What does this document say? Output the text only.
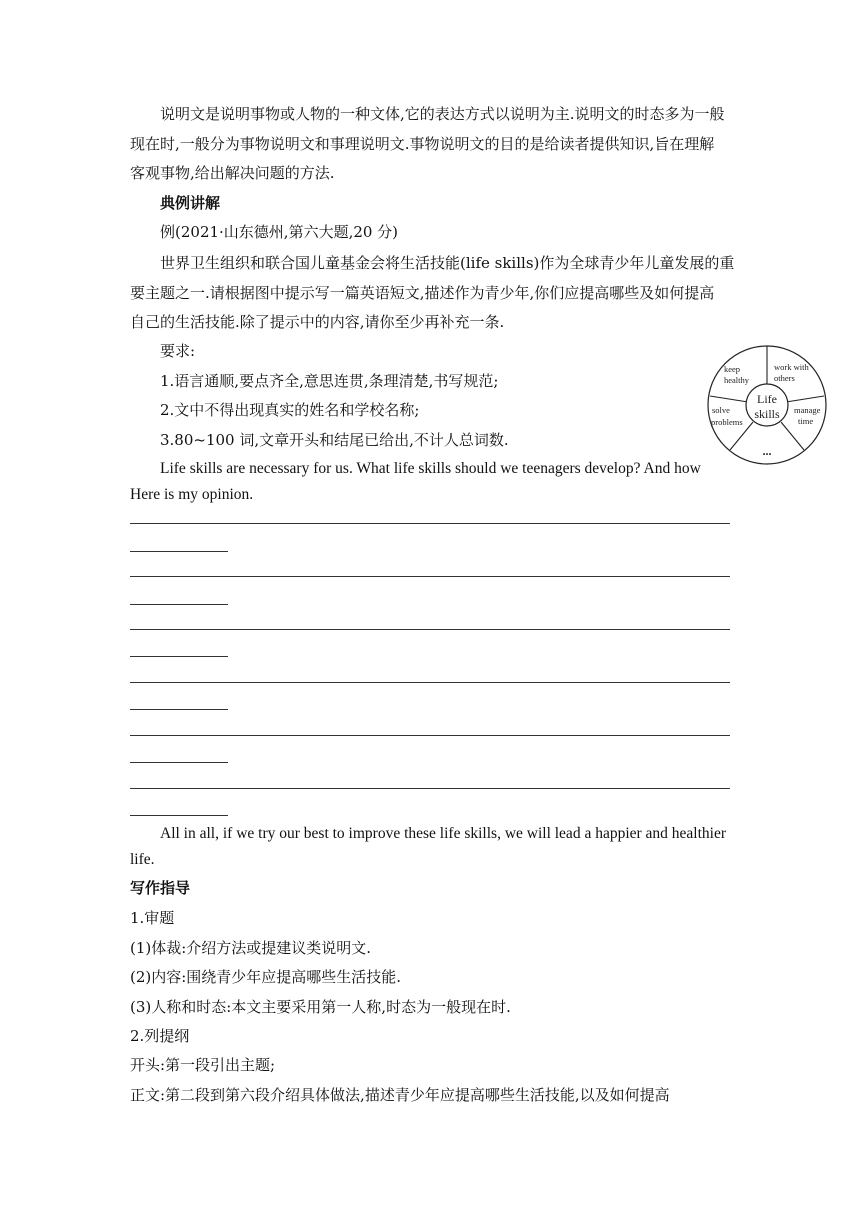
说明文是说明事物或人物的一种文体,它的表达方式以说明为主.说明文的时态多为一般
现在时,一般分为事物说明文和事理说明文.事物说明文的目的是给读者提供知识,旨在理解
客观事物,给出解决问题的方法.
典例讲解
例(2021·山东德州,第六大题,20 分)
世界卫生组织和联合国儿童基金会将生活技能(life skills)作为全球青少年儿童发展的重
要主题之一.请根据图中提示写一篇英语短文,描述作为青少年,你们应提高哪些及如何提高
自己的生活技能.除了提示中的内容,请你至少再补充一条.
要求:
1.语言通顺,要点齐全,意思连贯,条理清楚,书写规范;
2.文中不得出现真实的姓名和学校名称;
3.80~100 词,文章开头和结尾已给出,不计人总词数.
Life
skills
keep
healthy
work with
others
manage
time
solve
problems
...
Life skills are necessary for us. What life skills should we teenagers develop? And how
Here is my opinion.
All in all, if we try our best to improve these life skills, we will lead a happier and healthier
life.
写作指导
1.审题
(1)体裁:介绍方法或提建议类说明文.
(2)内容:围绕青少年应提高哪些生活技能.
(3)人称和时态:本文主要采用第一人称,时态为一般现在时.
2.列提纲
开头:第一段引出主题;
正文:第二段到第六段介绍具体做法,描述青少年应提高哪些生活技能,以及如何提高
